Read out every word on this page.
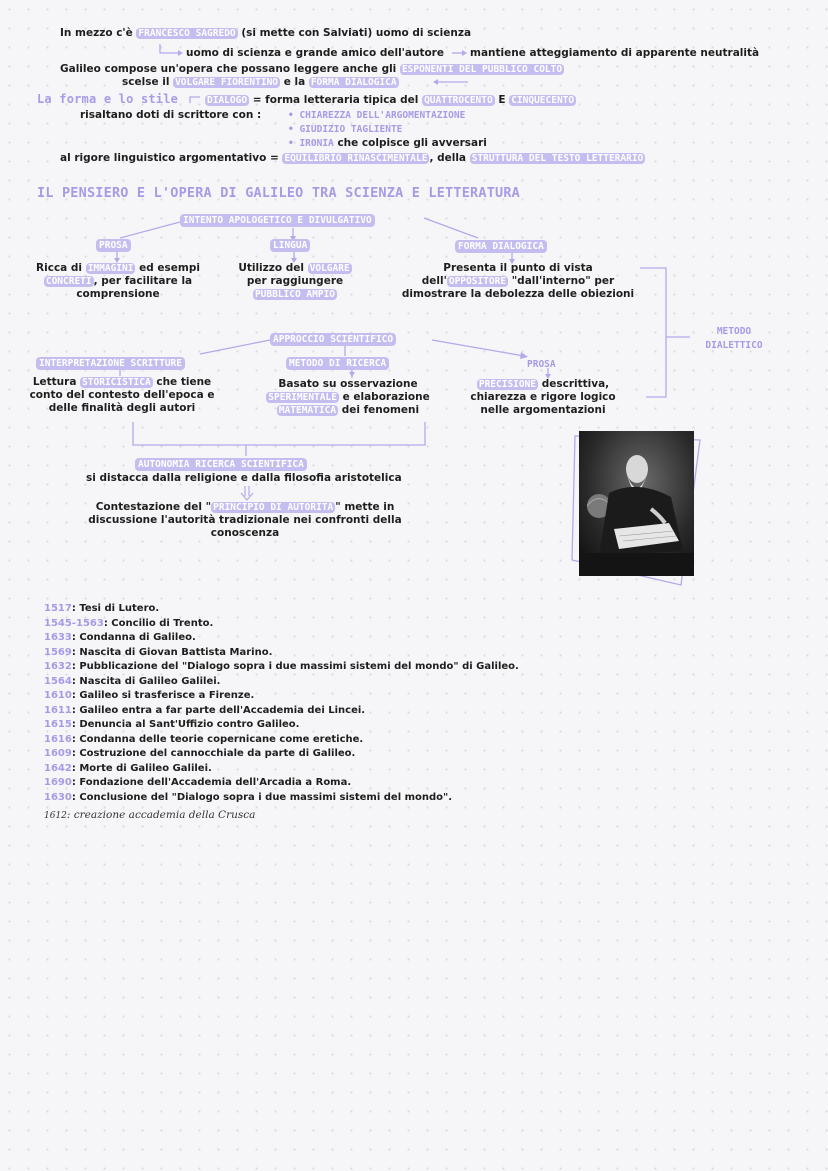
In mezzo c'è FRANCESCO SAGREDO (si mette con Salviati) uomo di scienza
uomo di scienza e grande amico dell'autore mantiene atteggiamento di apparente neutralità
Galileo compose un'opera che possano leggere anche gli ESPONENTI DEL PUBBLICO COLTO
scelse il VOLGARE FIORENTINO e la FORMA DIALOGICA
La forma e lo stile	DIALOGO = forma letteraria tipica del QUATTROCENTO E CINQUECENTO
risaltano doti di scrittore con :	• CHIAREZZA DELL'ARGOMENTAZIONE
• GIUDIZIO TAGLIENTE
• IRONIA che colpisce gli avversari
al rigore linguistico argomentativo = EQUILIBRIO RINASCIMENTALE , della STRUTTURA DEL TESTO LETTERARIO
IL PENSIERO E L'OPERA DI GALILEO TRA SCIENZA E LETTERATURA
INTENTO APOLOGETICO E DIVULGATIVO
PROSA
Ricca di IMMAGINI ed esempi
CONCRETI , per facilitare la
comprensione
LINGUA
Utilizzo del VOLGARE
per raggiungere
PUBBLICO AMPIO
FORMA DIALOGICA
Presenta il punto di vista
dell' OPPOSITORE "dall'interno" per
dimostrare la debolezza delle obiezioni
METODO DIALETTICO
APPROCCIO SCIENTIFICO
INTERPRETAZIONE SCRITTURE
Lettura STORICISTICA che tiene
conto del contesto dell'epoca e
delle finalità degli autori
METODO DI RICERCA
Basato su osservazione
SPERIMENTALE e elaborazione
MATEMATICA dei fenomeni
PROSA
PRECISIONE descrittiva,
chiarezza e rigore logico
nelle argomentazioni
AUTONOMIA RICERCA SCIENTIFICA
si distacca dalla religione e dalla filosofia aristotelica
Contestazione del " PRINCIPIO DI AUTORITÀ " mette in
discussione l'autorità tradizionale nei confronti della
conoscenza
1517: Tesi di Lutero.
1545-1563: Concilio di Trento.
1633: Condanna di Galileo.
1569: Nascita di Giovan Battista Marino.
1632: Pubblicazione del "Dialogo sopra i due massimi sistemi del mondo" di Galileo.
1564: Nascita di Galileo Galilei.
1610: Galileo si trasferisce a Firenze.
1611: Galileo entra a far parte dell'Accademia dei Lincei.
1615: Denuncia al Sant'Uffizio contro Galileo.
1616: Condanna delle teorie copernicane come eretiche.
1609: Costruzione del cannocchiale da parte di Galileo.
1642: Morte di Galileo Galilei.
1690: Fondazione dell'Accademia dell'Arcadia a Roma.
1630: Conclusione del "Dialogo sopra i due massimi sistemi del mondo".
1612: creazione accademia della Crusca
